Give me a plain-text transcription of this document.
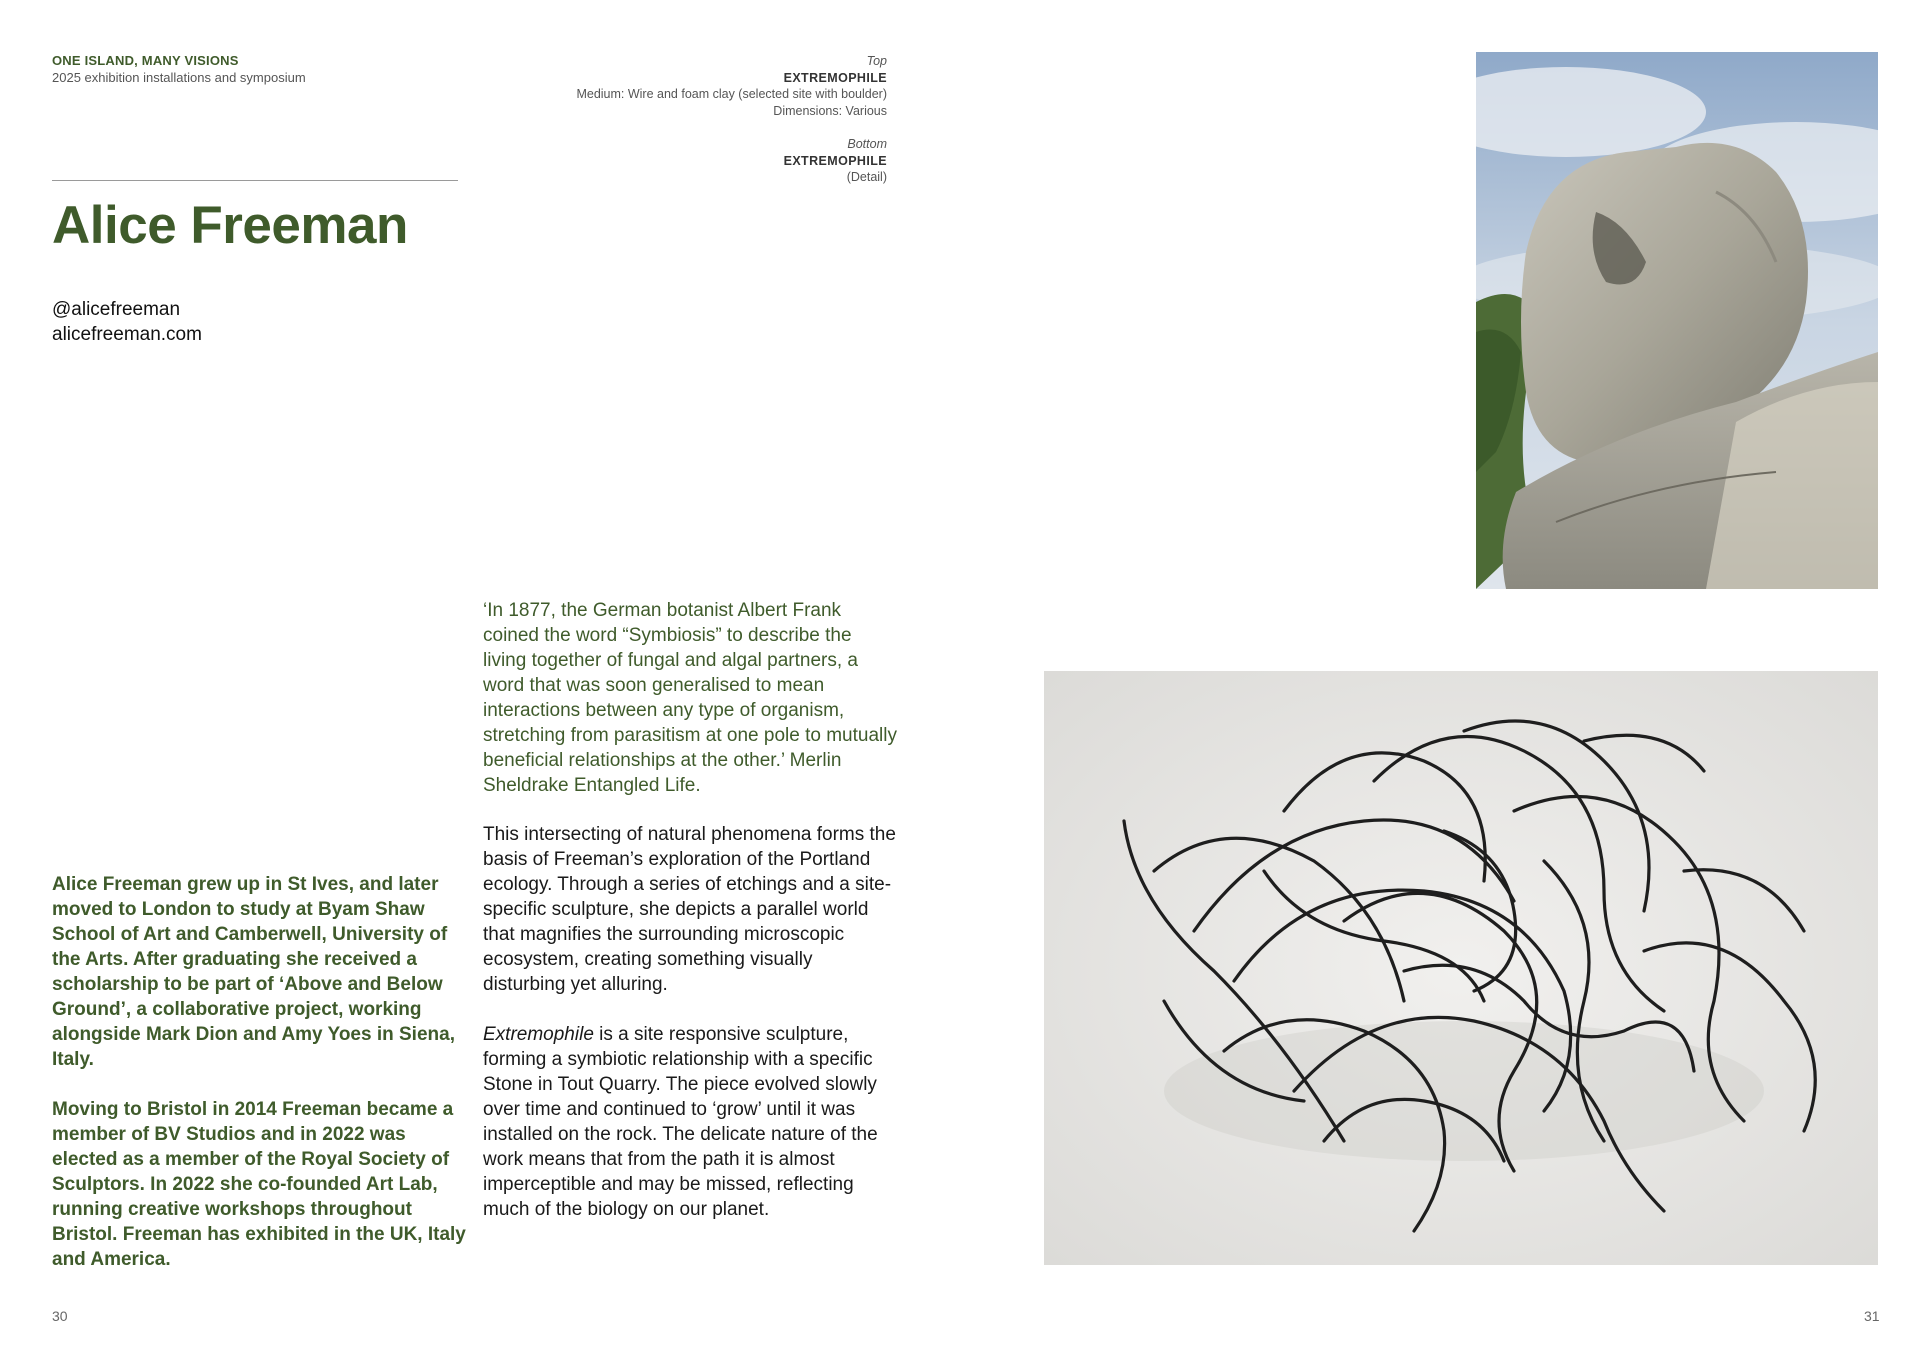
ONE ISLAND, MANY VISIONS
2025 exhibition installations and symposium
Top
EXTREMOPHILE
Medium: Wire and foam clay (selected site with boulder)
Dimensions: Various
Bottom
EXTREMOPHILE
(Detail)
Alice Freeman
@alicefreeman
alicefreeman.com

Alice Freeman grew up in St Ives, and later moved to London to study at Byam Shaw School of Art and Camberwell, University of the Arts. After graduating she received a scholarship to be part of ‘Above and Below Ground’, a collaborative project, working alongside Mark Dion and Amy Yoes in Siena, Italy.

Moving to Bristol in 2014 Freeman became a member of BV Studios and in 2022 was elected as a member of the Royal Society of Sculptors. In 2022 she co-founded Art Lab, running creative workshops throughout Bristol. Freeman has exhibited in the UK, Italy and America.

‘In 1877, the German botanist Albert Frank coined the word “Symbiosis” to describe the living together of fungal and algal partners, a word that was soon generalised to mean interactions between any type of organism, stretching from parasitism at one pole to mutually beneficial relationships at the other.’ Merlin Sheldrake Entangled Life.

This intersecting of natural phenomena forms the basis of Freeman’s exploration of the Portland ecology. Through a series of etchings and a site-specific sculpture, she depicts a parallel world that magnifies the surrounding microscopic ecosystem, creating something visually disturbing yet alluring.

Extremophile is a site responsive sculpture, forming a symbiotic relationship with a specific Stone in Tout Quarry. The piece evolved slowly over time and continued to ‘grow’ until it was installed on the rock. The delicate nature of the work means that from the path it is almost imperceptible and may be missed, reflecting much of the biology on our planet.

30	31
